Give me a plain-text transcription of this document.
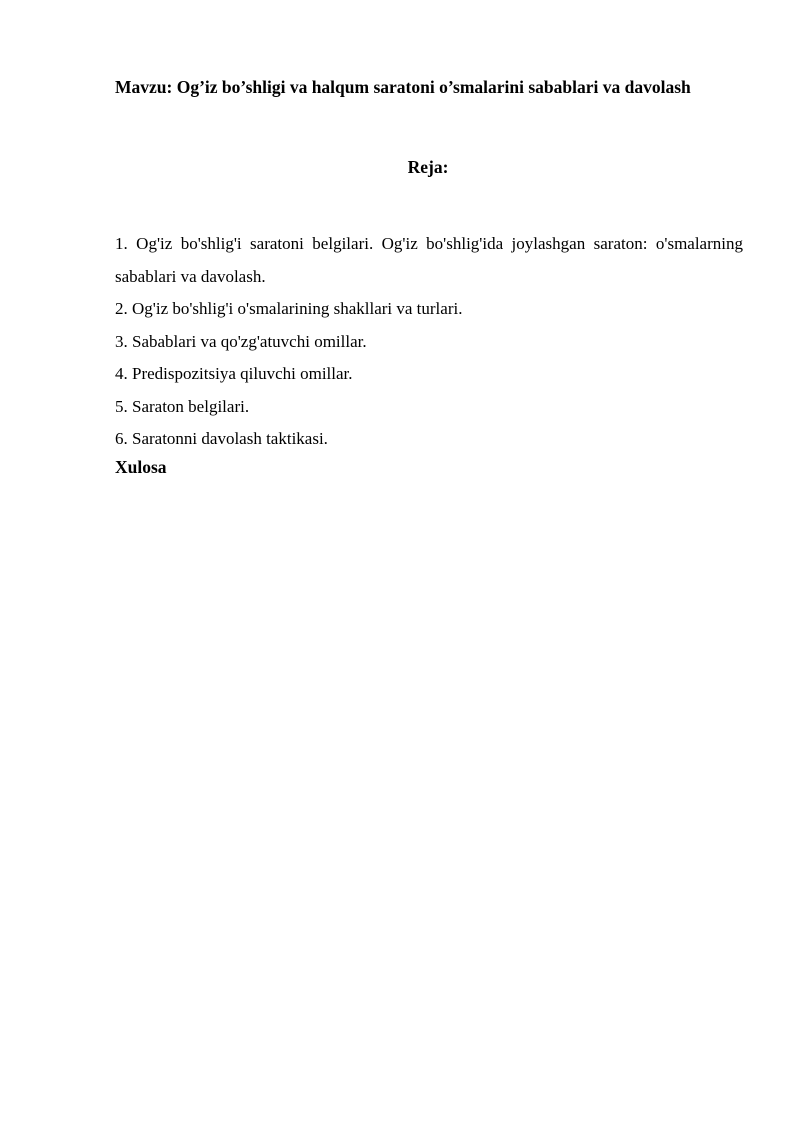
Mavzu: Og’iz bo’shligi va halqum saratoni o’smalarini sabablari va davolash
Reja:
1. Og'iz bo'shlig'i saratoni belgilari. Og'iz bo'shlig'ida joylashgan saraton: o'smalarning sabablari va davolash.
2. Og'iz bo'shlig'i o'smalarining shakllari va turlari.
3. Sabablari va qo'zg'atuvchi omillar.
4. Predispozitsiya qiluvchi omillar.
5. Saraton belgilari.
6. Saratonni davolash taktikasi.

Xulosa
